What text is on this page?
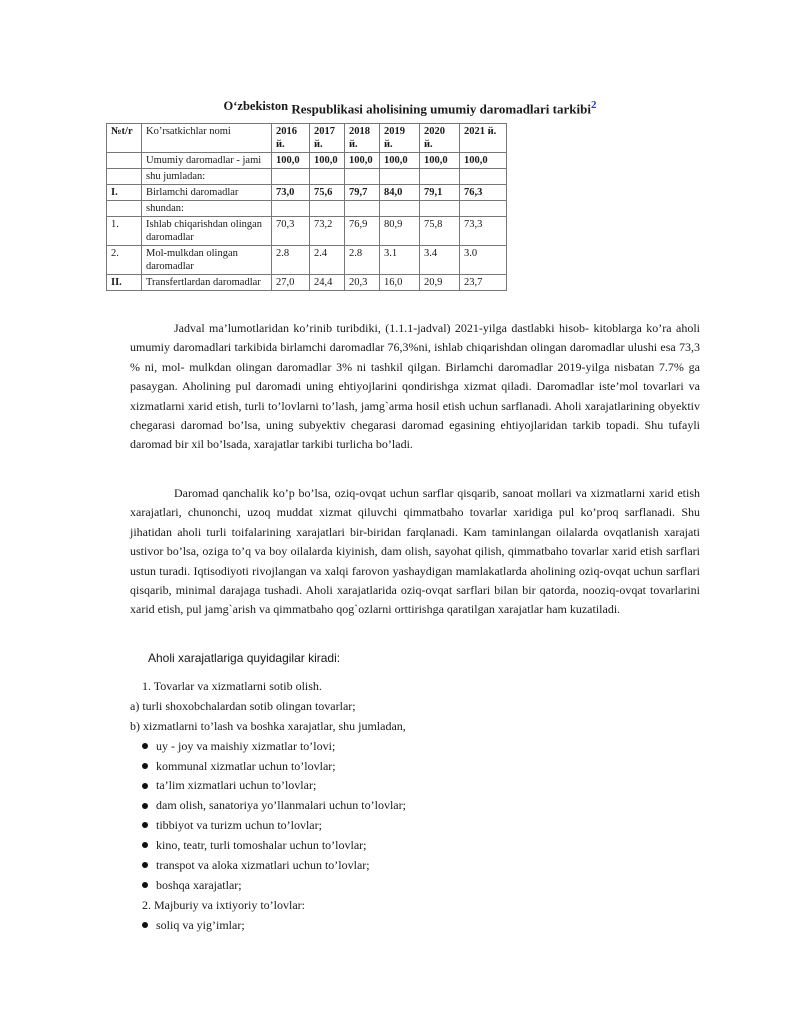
O‘zbekiston Respublikasi aholisining umumiy daromadlari tarkibi$^2$
№t/r	Ko’rsatkichlar nomi	2016 й.	2017 й.	2018 й.	2019 й.	2020 й.	2021 й.
	Umumiy daromadlar - jami	100,0	100,0	100,0	100,0	100,0	100,0
	shu jumladan:						
I.	Birlamchi daromadlar	73,0	75,6	79,7	84,0	79,1	76,3
	shundan:						
1.	Ishlab chiqarishdan olingan daromadlar	70,3	73,2	76,9	80,9	75,8	73,3
2.	Mol-mulkdan olingan daromadlar	2.8	2.4	2.8	3.1	3.4	3.0
II.	Transfertlardan daromadlar	27,0	24,4	20,3	16,0	20,9	23,7

Jadval ma’lumotlaridan ko’rinib turibdiki, (1.1.1-jadval) 2021-yilga dastlabki hisob- kitoblarga ko’ra aholi umumiy daromadlari tarkibida birlamchi daromadlar 76,3%ni, ishlab chiqarishdan olingan daromadlar ulushi esa 73,3 % ni, mol- mulkdan olingan daromadlar 3% ni tashkil qilgan. Birlamchi daromadlar 2019-yilga nisbatan 7.7% ga pasaygan. Aholining pul daromadi uning ehtiyojlarini qondirishga xizmat qiladi. Daromadlar iste’mol tovarlari va xizmatlarni xarid etish, turli to’lovlarni to’lash, jamg`arma hosil etish uchun sarflanadi. Aholi xarajatlarining obyektiv chegarasi daromad bo’lsa, uning subyektiv chegarasi daromad egasining ehtiyojlaridan tarkib topadi. Shu tufayli daromad bir xil bo’lsada, xarajatlar tarkibi turlicha bo’ladi.

Daromad qanchalik ko’p bo’lsa, oziq-ovqat uchun sarflar qisqarib, sanoat mollari va xizmatlarni xarid etish xarajatlari, chunonchi, uzoq muddat xizmat qiluvchi qimmatbaho tovarlar xaridiga pul ko’proq sarflanadi. Shu jihatidan aholi turli toifalarining xarajatlari bir-biridan farqlanadi. Kam taminlangan oilalarda ovqatlanish xarajati ustivor bo’lsa, oziga to’q va boy oilalarda kiyinish, dam olish, sayohat qilish, qimmatbaho tovarlar xarid etish sarflari ustun turadi. Iqtisodiyoti rivojlangan va xalqi farovon yashaydigan mamlakatlarda aholining oziq-ovqat uchun sarflari qisqarib, minimal darajaga tushadi. Aholi xarajatlarida oziq-ovqat sarflari bilan bir qatorda, nooziq-ovqat tovarlarini xarid etish, pul jamg`arish va qimmatbaho qog`ozlarni orttirishga qaratilgan xarajatlar ham kuzatiladi.

Aholi xarajatlariga quyidagilar kiradi:
1. Tovarlar va xizmatlarni sotib olish.
a) turli shoxobchalardan sotib olingan tovarlar;
b) xizmatlarni to’lash va boshka xarajatlar, shu jumladan,
uy - joy va maishiy xizmatlar to’lovi;
kommunal xizmatlar uchun to’lovlar;
ta’lim xizmatlari uchun to’lovlar;
dam olish, sanatoriya yo’llanmalari uchun to’lovlar;
tibbiyot va turizm uchun to’lovlar;
kino, teatr, turli tomoshalar uchun to’lovlar;
transpot va aloka xizmatlari uchun to’lovlar;
boshqa xarajatlar;
2. Majburiy va ixtiyoriy to’lovlar:
soliq va yig’imlar;
